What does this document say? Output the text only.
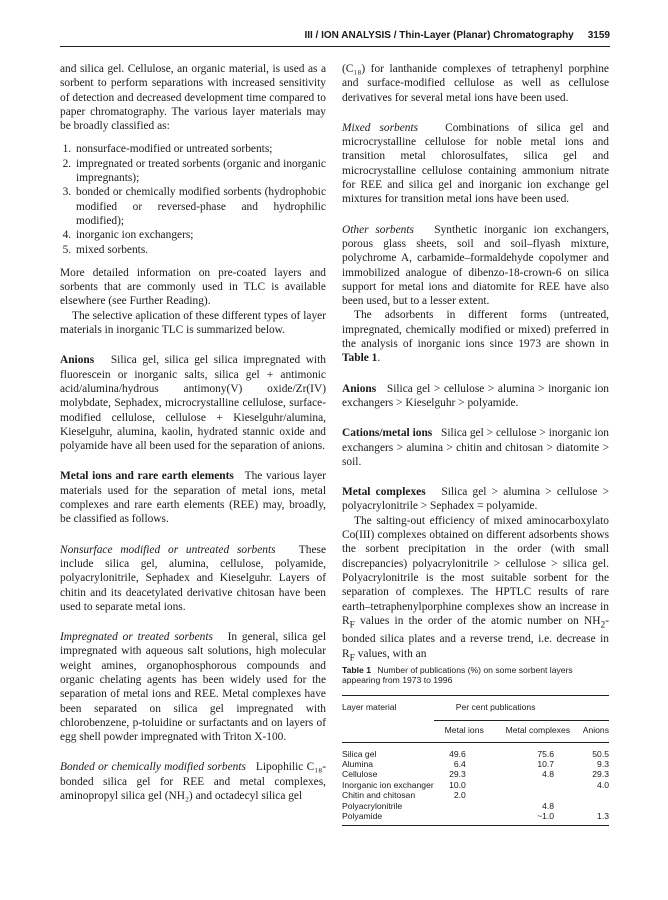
III / ION ANALYSIS / Thin-Layer (Planar) Chromatography 3159

and silica gel. Cellulose, an organic material, is used as a sorbent to perform separations with increased sensitivity of detection and decreased development time compared to paper chromatography. The various layer materials may be broadly classified as:

1. nonsurface-modified or untreated sorbents;
2. impregnated or treated sorbents (organic and inorganic impregnants);
3. bonded or chemically modified sorbents (hydrophobic modified or reversed-phase and hydrophilic modified);
4. inorganic ion exchangers;
5. mixed sorbents.

More detailed information on pre-coated layers and sorbents that are commonly used in TLC is available elsewhere (see Further Reading).

The selective aplication of these different types of layer materials in inorganic TLC is summarized below.

Anions Silica gel, silica gel silica impregnated with fluorescein or inorganic salts, silica gel + antimonic acid/alumina/hydrous antimony(V) oxide/Zr(IV) molybdate, Sephadex, microcrystalline cellulose, surface-modified cellulose, cellulose + Kieselguhr/alumina, Kieselguhr, alumina, kaolin, hydrated stannic oxide and polyamide have all been used for the separation of anions.

Metal ions and rare earth elements The various layer materials used for the separation of metal ions, metal complexes and rare earth elements (REE) may, broadly, be classified as follows.

Nonsurface modified or untreated sorbents These include silica gel, alumina, cellulose, polyamide, polyacrylonitrile, Sephadex and Kieselguhr. Layers of chitin and its deacetylated derivative chitosan have been used to separate metal ions.

Impregnated or treated sorbents In general, silica gel impregnated with aqueous salt solutions, high molecular weight amines, organophosphorous compounds and organic chelating agents has been widely used for the separation of metal ions and REE. Metal complexes have been separated on silica gel impregnated with chlorobenzene, p-toluidine or surfactants and on layers of egg shell powder impregnated with Triton X-100.

Bonded or chemically modified sorbents Lipophilic C₁₈-bonded silica gel for REE and metal complexes, aminopropyl silica gel (NH₂) and octadecyl silica gel

(C₁₈) for lanthanide complexes of tetraphenyl porphine and surface-modified cellulose as well as cellulose derivatives for several metal ions have been used.

Mixed sorbents Combinations of silica gel and microcrystalline cellulose for noble metal ions and transition metal chlorosulfates, silica gel and microcrystalline cellulose containing ammonium nitrate for REE and silica gel and inorganic ion exchange gel mixtures for transition metal ions have been used.

Other sorbents Synthetic inorganic ion exchangers, porous glass sheets, soil and soil–flyash mixture, polychrome A, carbamide–formaldehyde copolymer and immobilized analogue of dibenzo-18-crown-6 on silica support for metal ions and diatomite for REE have also been used, but to a lesser extent.

The adsorbents in different forms (untreated, impregnated, chemically modified or mixed) preferred in the analysis of inorganic ions since 1973 are shown in Table 1.

Anions Silica gel > cellulose > alumina > inorganic ion exchangers > Kieselguhr > polyamide.

Cations/metal ions Silica gel > cellulose > inorganic ion exchangers > alumina > chitin and chitosan > diatomite > soil.

Metal complexes Silica gel > alumina > cellulose > polyacrylonitrile > Sephadex = polyamide.

The salting-out efficiency of mixed aminocarboxylato Co(III) complexes obtained on different adsorbents shows the sorbent precipitation in the order (with small discrepancies) polyacrylonitrile > cellulose > silica gel. Polyacrylonitrile is the most suitable sorbent for the separation of complexes. The HPTLC results of rare earth–tetraphenylporphine complexes show an increase in $R_F$ values in the order of the atomic number on $NH_2$-bonded silica plates and a reverse trend, i.e. decrease in $R_F$ values, with an

Table 1 Number of publications (%) on some sorbent layers appearing from 1973 to 1996
Layer material	Per cent publications		
	Metal ions	Metal complexes	Anions
Silica gel	49.6	75.6	50.5
Alumina	6.4	10.7	9.3
Cellulose	29.3	4.8	29.3
Inorganic ion exchanger	10.0		4.0
Chitin and chitosan	2.0		
Polyacrylonitrile		4.8	
Polyamide		~1.0	1.3
